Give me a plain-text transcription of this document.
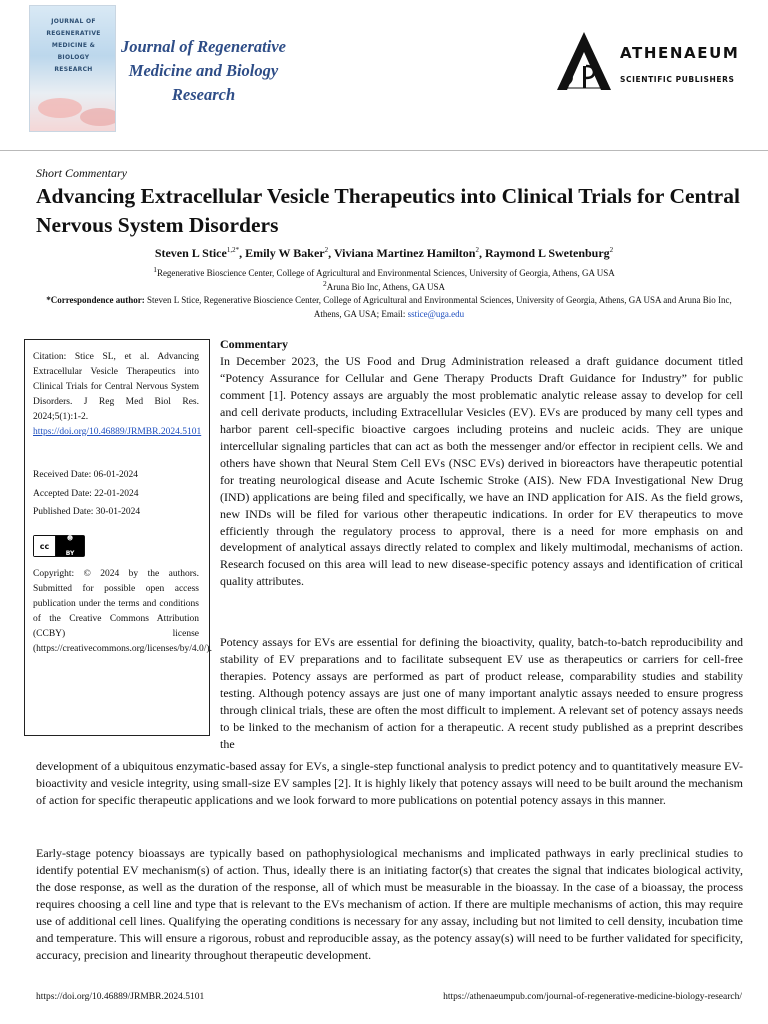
JOURNAL OF
REGENERATIVE
MEDICINE &
BIOLOGY
RESEARCH
Journal of Regenerative
Medicine and Biology
Research
ATHENAEUM
SCIENTIFIC PUBLISHERS
Short Commentary
Advancing Extracellular Vesicle Therapeutics into Clinical Trials for Central Nervous System Disorders
Steven L Stice$^{1,2*}$, Emily W Baker$^2$, Viviana Martinez Hamilton$^2$, Raymond L Swetenburg$^2$
$^1$Regenerative Bioscience Center, College of Agricultural and Environmental Sciences, University of Georgia, Athens, GA USA
$^2$Aruna Bio Inc, Athens, GA USA
*Correspondence author: Steven L Stice, Regenerative Bioscience Center, College of Agricultural and Environmental Sciences, University of Georgia, Athens, GA USA and Aruna Bio Inc, Athens, GA USA; Email: sstice@uga.edu
Citation: Stice SL, et al. Advancing Extracellular Vesicle Therapeutics into Clinical Trials for Central Nervous System Disorders. J Reg Med Biol Res. 2024;5(1):1-2.
https://doi.org/10.46889/JRMBR.2024.5101
Received Date: 06-01-2024
Accepted Date: 22-01-2024
Published Date: 30-01-2024
cc
☻
BY
Copyright: © 2024 by the authors. Submitted for possible open access publication under the terms and conditions of the Creative Commons Attribution (CCBY) license (https://creativecommons.org/licenses/by/4.0/).
Commentary
In December 2023, the US Food and Drug Administration released a draft guidance document titled “Potency Assurance for Cellular and Gene Therapy Products Draft Guidance for Industry” for public comment [1]. Potency assays are arguably the most problematic analytic release assay to develop for cell and cell derivate products, including Extracellular Vesicles (EV). EVs are produced by many cell types and harbor parent cell-specific bioactive cargoes including proteins and nucleic acids. They are unique intercellular signaling particles that can act as both the messenger and/or effector in recipient cells. We and others have shown that Neural Stem Cell EVs (NSC EVs) derived in bioreactors have therapeutic potential for treating neurological disease and Acute Ischemic Stroke (AIS). New FDA Investigational New Drug (IND) applications are being filed and specifically, we have an IND application for AIS. As the field grows, new INDs will be filed for various other therapeutic indications. In order for EV therapeutics to move efficiently through the regulatory process to approval, there is a need for more emphasis on and development of analytical assays directly related to complex and likely multimodal, mechanisms of action. Research focused on this area will lead to new disease-specific potency assays and identification of critical quality attributes.
Potency assays for EVs are essential for defining the bioactivity, quality, batch-to-batch reproducibility and stability of EV preparations and to facilitate subsequent EV use as therapeutics or carriers for cell-free therapies. Potency assays are performed as part of product release, comparability studies and stability testing. Although potency assays are just one of many important analytic assays needed to ensure progress through clinical trials, these are often the most difficult to implement. A relevant set of potency assays needs to be linked to the mechanism of action for a therapeutic. A recent study published as a preprint describes the
development of a ubiquitous enzymatic-based assay for EVs, a single-step functional analysis to predict potency and to quantitatively measure EV-bioactivity and vesicle integrity, using small-size EV samples [2]. It is highly likely that potency assays will need to be built around the mechanism of action for specific therapeutic applications and we look forward to more publications on potential potency assays in this manner.
Early-stage potency bioassays are typically based on pathophysiological mechanisms and implicated pathways in early preclinical studies to identify potential EV mechanism(s) of action. Thus, ideally there is an initiating factor(s) that creates the signal that indicates biological activity, the dose response, as well as the duration of the response, all of which must be measurable in the bioassay. In the case of a bioassay, the process requires choosing a cell line and type that is relevant to the EVs mechanism of action. If there are multiple mechanisms of action, this may require use of additional cell lines. Qualifying the operating conditions is necessary for any assay, including but not limited to cell density, incubation time and temperature. This will ensure a rigorous, robust and reproducible assay, as the potency assay(s) will need to be further validated for specificity, accuracy, precision and linearity throughout therapeutic development.
https://doi.org/10.46889/JRMBR.2024.5101	https://athenaeumpub.com/journal-of-regenerative-medicine-biology-research/
